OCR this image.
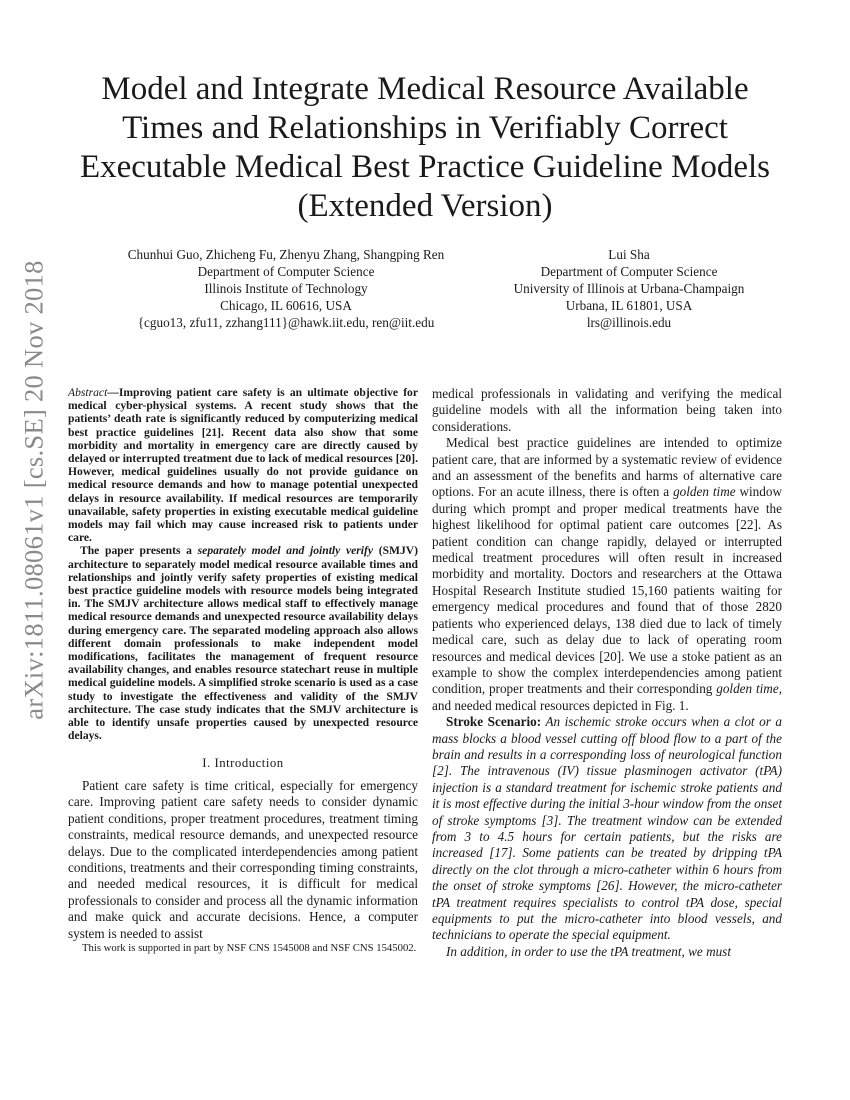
arXiv:1811.08061v1 [cs.SE] 20 Nov 2018
Model and Integrate Medical Resource Available
Times and Relationships in Verifiably Correct
Executable Medical Best Practice Guideline Models
(Extended Version)
Chunhui Guo, Zhicheng Fu, Zhenyu Zhang, Shangping Ren
Department of Computer Science
Illinois Institute of Technology
Chicago, IL 60616, USA
{cguo13, zfu11, zzhang111}@hawk.iit.edu, ren@iit.edu
Lui Sha
Department of Computer Science
University of Illinois at Urbana-Champaign
Urbana, IL 61801, USA
lrs@illinois.edu

Abstract—Improving patient care safety is an ultimate objective for medical cyber-physical systems. A recent study shows that the patients’ death rate is significantly reduced by computerizing medical best practice guidelines [21]. Recent data also show that some morbidity and mortality in emergency care are directly caused by delayed or interrupted treatment due to lack of medical resources [20]. However, medical guidelines usually do not provide guidance on medical resource demands and how to manage potential unexpected delays in resource availability. If medical resources are temporarily unavailable, safety properties in existing executable medical guideline models may fail which may cause increased risk to patients under care.

The paper presents a separately model and jointly verify (SMJV) architecture to separately model medical resource available times and relationships and jointly verify safety properties of existing medical best practice guideline models with resource models being integrated in. The SMJV architecture allows medical staff to effectively manage medical resource demands and unexpected resource availability delays during emergency care. The separated modeling approach also allows different domain professionals to make independent model modifications, facilitates the management of frequent resource availability changes, and enables resource statechart reuse in multiple medical guideline models. A simplified stroke scenario is used as a case study to investigate the effectiveness and validity of the SMJV architecture. The case study indicates that the SMJV architecture is able to identify unsafe properties caused by unexpected resource delays.

I. Introduction

Patient care safety is time critical, especially for emergency care. Improving patient care safety needs to consider dynamic patient conditions, proper treatment procedures, treatment timing constraints, medical resource demands, and unexpected resource delays. Due to the complicated interdependencies among patient conditions, treatments and their corresponding timing constraints, and needed medical resources, it is difficult for medical professionals to consider and process all the dynamic information and make quick and accurate decisions. Hence, a computer system is needed to assist

This work is supported in part by NSF CNS 1545008 and NSF CNS 1545002.

medical professionals in validating and verifying the medical guideline models with all the information being taken into considerations.

Medical best practice guidelines are intended to optimize patient care, that are informed by a systematic review of evidence and an assessment of the benefits and harms of alternative care options. For an acute illness, there is often a golden time window during which prompt and proper medical treatments have the highest likelihood for optimal patient care outcomes [22]. As patient condition can change rapidly, delayed or interrupted medical treatment procedures will often result in increased morbidity and mortality. Doctors and researchers at the Ottawa Hospital Research Institute studied 15,160 patients waiting for emergency medical procedures and found that of those 2820 patients who experienced delays, 138 died due to lack of timely medical care, such as delay due to lack of operating room resources and medical devices [20]. We use a stoke patient as an example to show the complex interdependencies among patient condition, proper treatments and their corresponding golden time, and needed medical resources depicted in Fig. 1.

Stroke Scenario: An ischemic stroke occurs when a clot or a mass blocks a blood vessel cutting off blood flow to a part of the brain and results in a corresponding loss of neurological function [2]. The intravenous (IV) tissue plasminogen activator (tPA) injection is a standard treatment for ischemic stroke patients and it is most effective during the initial 3-hour window from the onset of stroke symptoms [3]. The treatment window can be extended from 3 to 4.5 hours for certain patients, but the risks are increased [17]. Some patients can be treated by dripping tPA directly on the clot through a micro-catheter within 6 hours from the onset of stroke symptoms [26]. However, the micro-catheter tPA treatment requires specialists to control tPA dose, special equipments to put the micro-catheter into blood vessels, and technicians to operate the special equipment.

In addition, in order to use the tPA treatment, we must
